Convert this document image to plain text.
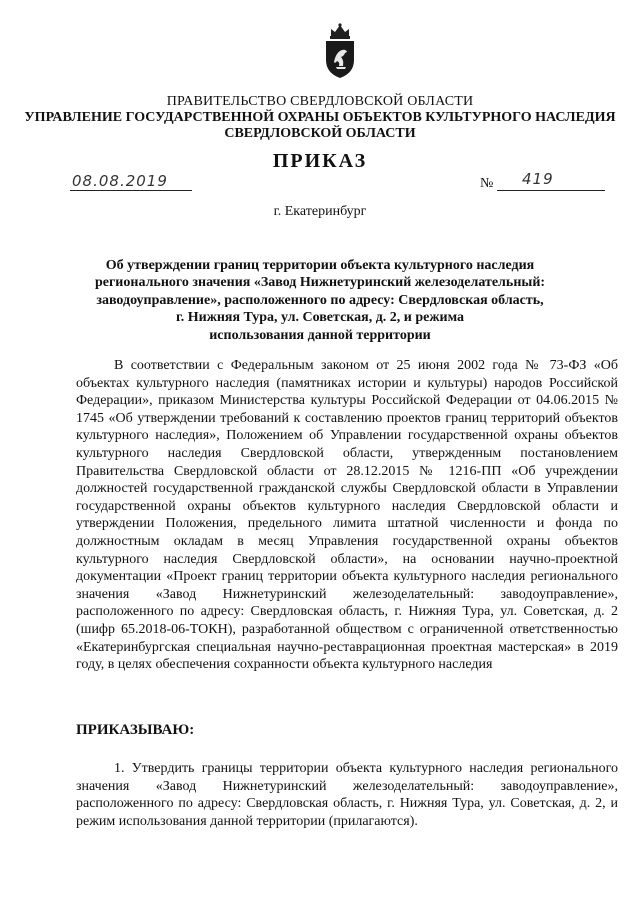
ПРАВИТЕЛЬСТВО СВЕРДЛОВСКОЙ ОБЛАСТИ
УПРАВЛЕНИЕ ГОСУДАРСТВЕННОЙ ОХРАНЫ ОБЪЕКТОВ КУЛЬТУРНОГО НАСЛЕДИЯ
СВЕРДЛОВСКОЙ ОБЛАСТИ
ПРИКАЗ
08.08.2019	№ 419
г. Екатеринбург
Об утверждении границ территории объекта культурного наследия
регионального значения «Завод Нижнетуринский железоделательный:
заводоуправление», расположенного по адресу: Свердловская область,
г. Нижняя Тура, ул. Советская, д. 2, и режима
использования данной территории
В соответствии с Федеральным законом от 25 июня 2002 года № 73-ФЗ «Об объектах культурного наследия (памятниках истории и культуры) народов Российской Федерации», приказом Министерства культуры Российской Федерации от 04.06.2015 № 1745 «Об утверждении требований к составлению проектов границ территорий объектов культурного наследия», Положением об Управлении государственной охраны объектов культурного наследия Свердловской области, утвержденным постановлением Правительства Свердловской области от 28.12.2015 № 1216-ПП «Об учреждении должностей государственной гражданской службы Свердловской области в Управлении государственной охраны объектов культурного наследия Свердловской области и утверждении Положения, предельного лимита штатной численности и фонда по должностным окладам в месяц Управления государственной охраны объектов культурного наследия Свердловской области», на основании научно-проектной документации «Проект границ территории объекта культурного наследия регионального значения «Завод Нижнетуринский железоделательный: заводоуправление», расположенного по адресу: Свердловская область, г. Нижняя Тура, ул. Советская, д. 2 (шифр 65.2018-06-ТОКН), разработанной обществом с ограниченной ответственностью «Екатеринбургская специальная научно-реставрационная проектная мастерская» в 2019 году, в целях обеспечения сохранности объекта культурного наследия
ПРИКАЗЫВАЮ:
1. Утвердить границы территории объекта культурного наследия регионального значения «Завод Нижнетуринский железоделательный: заводоуправление», расположенного по адресу: Свердловская область, г. Нижняя Тура, ул. Советская, д. 2, и режим использования данной территории (прилагаются).
